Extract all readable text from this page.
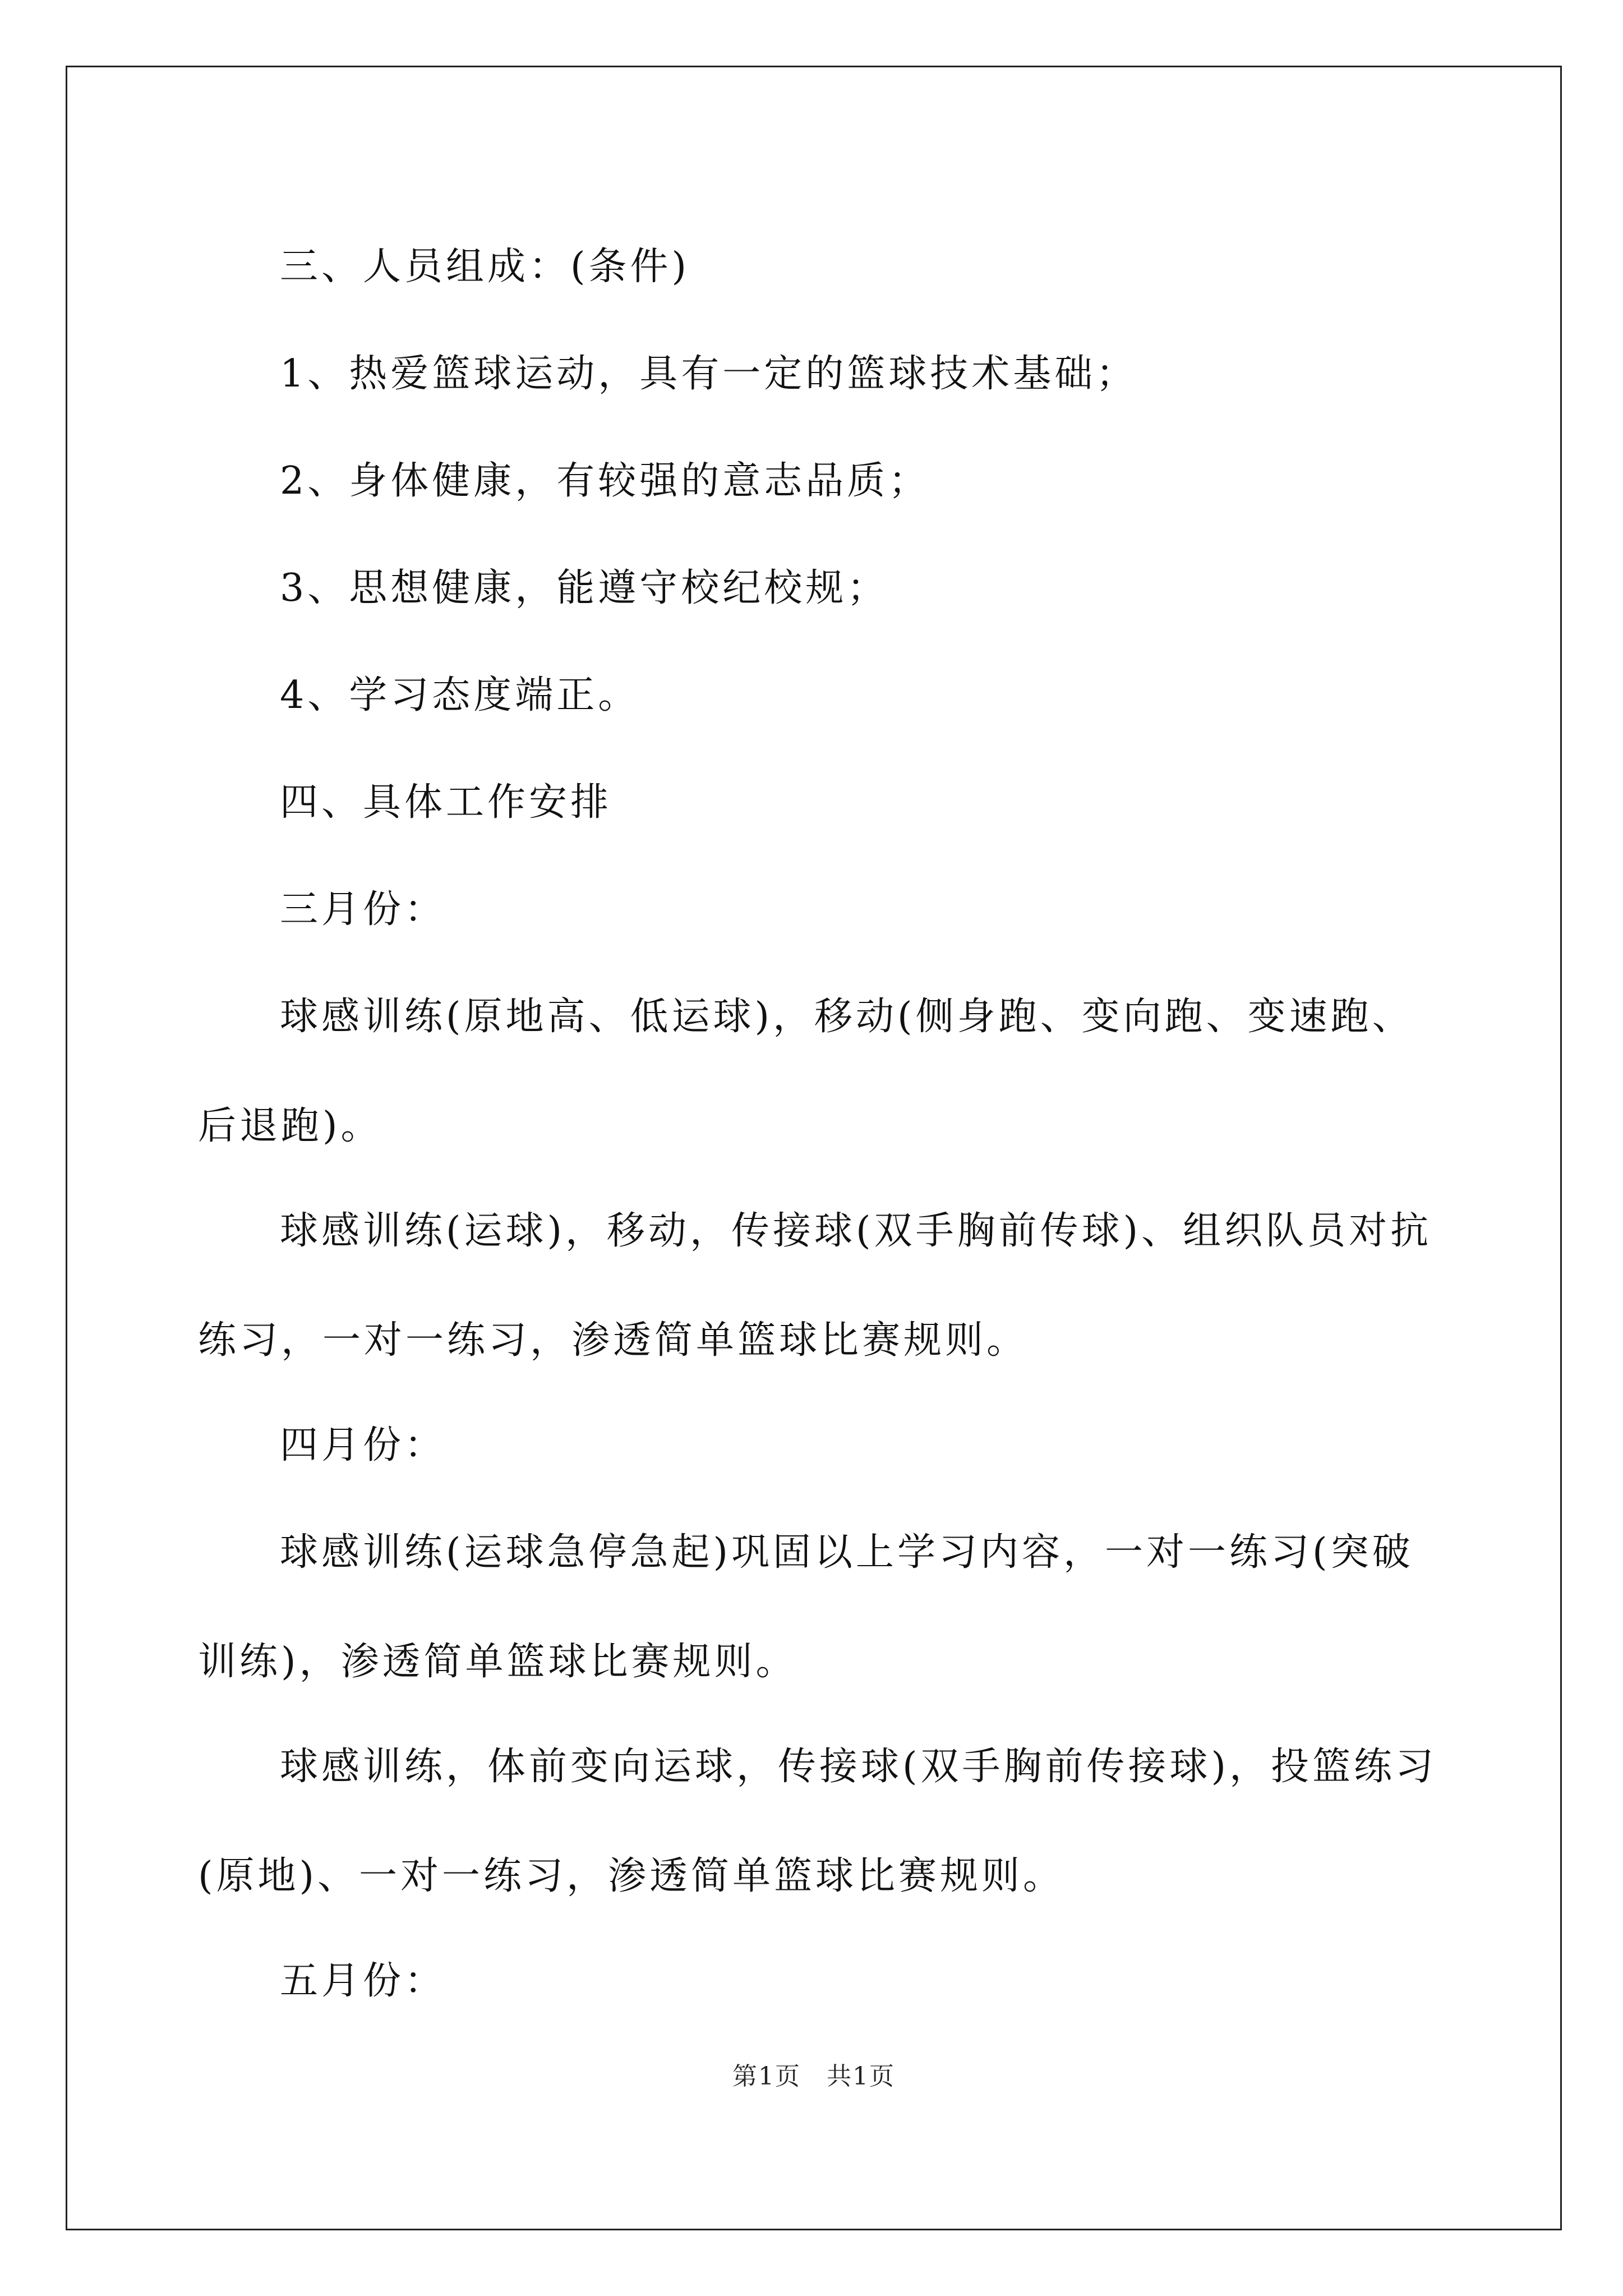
三、人员组成：(条件)

1、热爱篮球运动，具有一定的篮球技术基础；

2、身体健康，有较强的意志品质；

3、思想健康，能遵守校纪校规；

4、学习态度端正。

四、具体工作安排

三月份：

球感训练(原地高、低运球)，移动(侧身跑、变向跑、变速跑、后退跑)。

球感训练(运球)，移动，传接球(双手胸前传球)、组织队员对抗练习，一对一练习，渗透简单篮球比赛规则。

四月份：

球感训练(运球急停急起)巩固以上学习内容，一对一练习(突破训练)，渗透简单篮球比赛规则。

球感训练，体前变向运球，传接球(双手胸前传接球)，投篮练习(原地)、一对一练习，渗透简单篮球比赛规则。

五月份：

第1页　共1页
